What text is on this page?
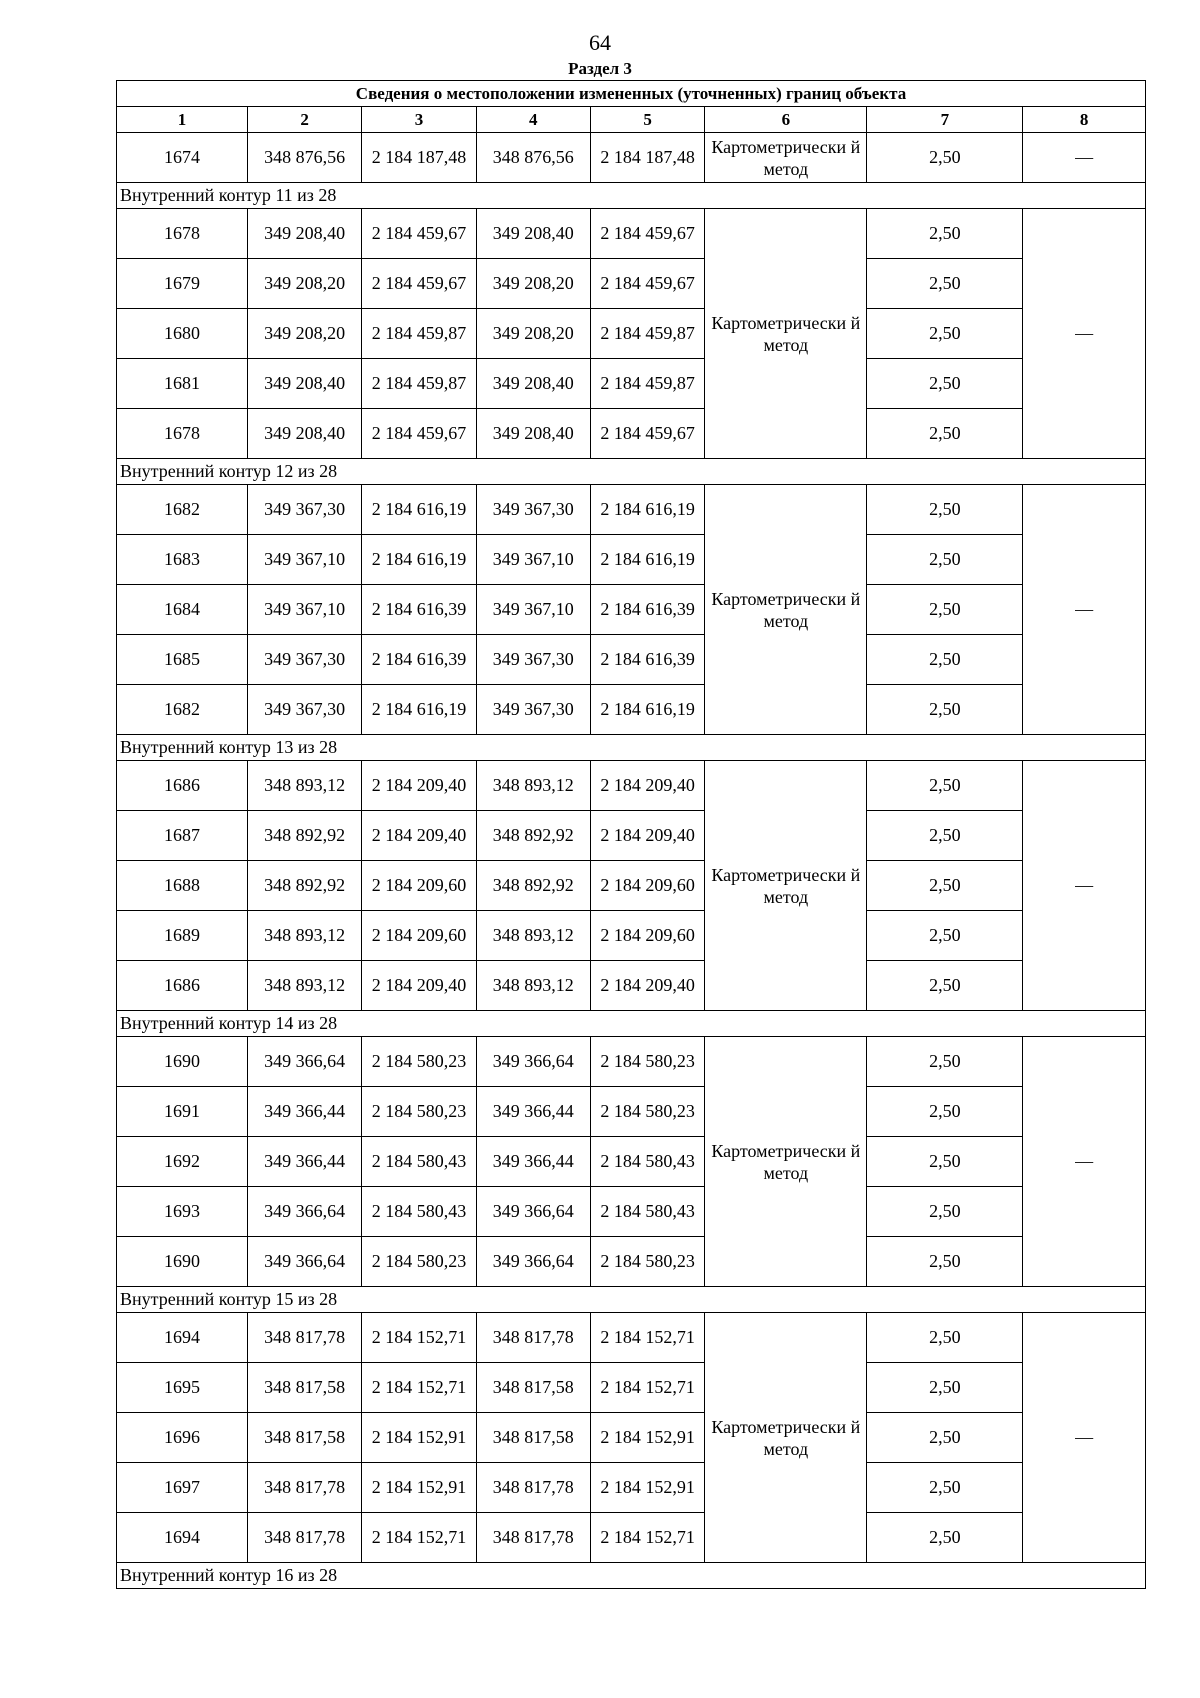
64
Раздел 3
Сведения о местоположении измененных (уточненных) границ объекта							
1	2	3	4	5	6	7	8
1674	348 876,56	2 184 187,48	348 876,56	2 184 187,48	Картометрически й метод	2,50	—
Внутренний контур 11 из 28							
1678	349 208,40	2 184 459,67	349 208,40	2 184 459,67	Картометрически й метод	2,50	—
1679	349 208,20	2 184 459,67	349 208,20	2 184 459,67		2,50	
1680	349 208,20	2 184 459,87	349 208,20	2 184 459,87		2,50	
1681	349 208,40	2 184 459,87	349 208,40	2 184 459,87		2,50	
1678	349 208,40	2 184 459,67	349 208,40	2 184 459,67		2,50	
Внутренний контур 12 из 28							
1682	349 367,30	2 184 616,19	349 367,30	2 184 616,19	Картометрически й метод	2,50	—
1683	349 367,10	2 184 616,19	349 367,10	2 184 616,19		2,50	
1684	349 367,10	2 184 616,39	349 367,10	2 184 616,39		2,50	
1685	349 367,30	2 184 616,39	349 367,30	2 184 616,39		2,50	
1682	349 367,30	2 184 616,19	349 367,30	2 184 616,19		2,50	
Внутренний контур 13 из 28							
1686	348 893,12	2 184 209,40	348 893,12	2 184 209,40	Картометрически й метод	2,50	—
1687	348 892,92	2 184 209,40	348 892,92	2 184 209,40		2,50	
1688	348 892,92	2 184 209,60	348 892,92	2 184 209,60		2,50	
1689	348 893,12	2 184 209,60	348 893,12	2 184 209,60		2,50	
1686	348 893,12	2 184 209,40	348 893,12	2 184 209,40		2,50	
Внутренний контур 14 из 28							
1690	349 366,64	2 184 580,23	349 366,64	2 184 580,23	Картометрически й метод	2,50	—
1691	349 366,44	2 184 580,23	349 366,44	2 184 580,23		2,50	
1692	349 366,44	2 184 580,43	349 366,44	2 184 580,43		2,50	
1693	349 366,64	2 184 580,43	349 366,64	2 184 580,43		2,50	
1690	349 366,64	2 184 580,23	349 366,64	2 184 580,23		2,50	
Внутренний контур 15 из 28							
1694	348 817,78	2 184 152,71	348 817,78	2 184 152,71	Картометрически й метод	2,50	—
1695	348 817,58	2 184 152,71	348 817,58	2 184 152,71		2,50	
1696	348 817,58	2 184 152,91	348 817,58	2 184 152,91		2,50	
1697	348 817,78	2 184 152,91	348 817,78	2 184 152,91		2,50	
1694	348 817,78	2 184 152,71	348 817,78	2 184 152,71		2,50	
Внутренний контур 16 из 28							
